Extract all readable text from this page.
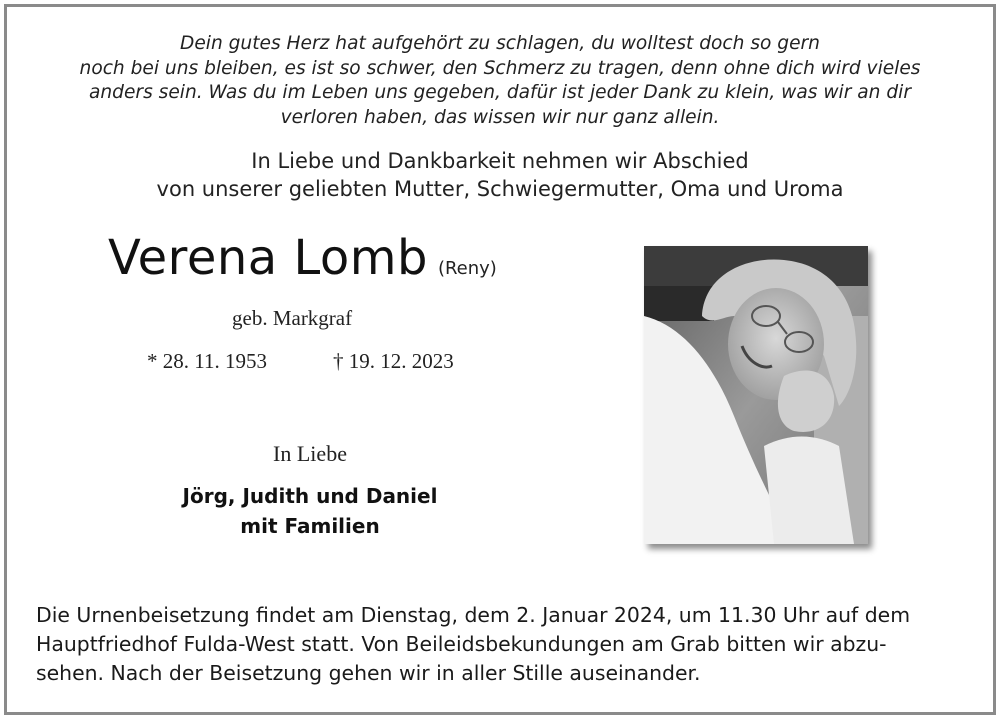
Dein gutes Herz hat aufgehört zu schlagen, du wolltest doch so gern
noch bei uns bleiben, es ist so schwer, den Schmerz zu tragen, denn ohne dich wird vieles
anders sein. Was du im Leben uns gegeben, dafür ist jeder Dank zu klein, was wir an dir
verloren haben, das wissen wir nur ganz allein.
In Liebe und Dankbarkeit nehmen wir Abschied
von unserer geliebten Mutter, Schwiegermutter, Oma und Uroma
Verena Lomb (Reny)
geb. Markgraf
* 28. 11. 1953	† 19. 12. 2023
In Liebe
Jörg, Judith und Daniel
mit Familien
Die Urnenbeisetzung findet am Dienstag, dem 2. Januar 2024, um 11.30 Uhr auf dem
Hauptfriedhof Fulda-West statt. Von Beileidsbekundungen am Grab bitten wir abzu-
sehen. Nach der Beisetzung gehen wir in aller Stille auseinander.
